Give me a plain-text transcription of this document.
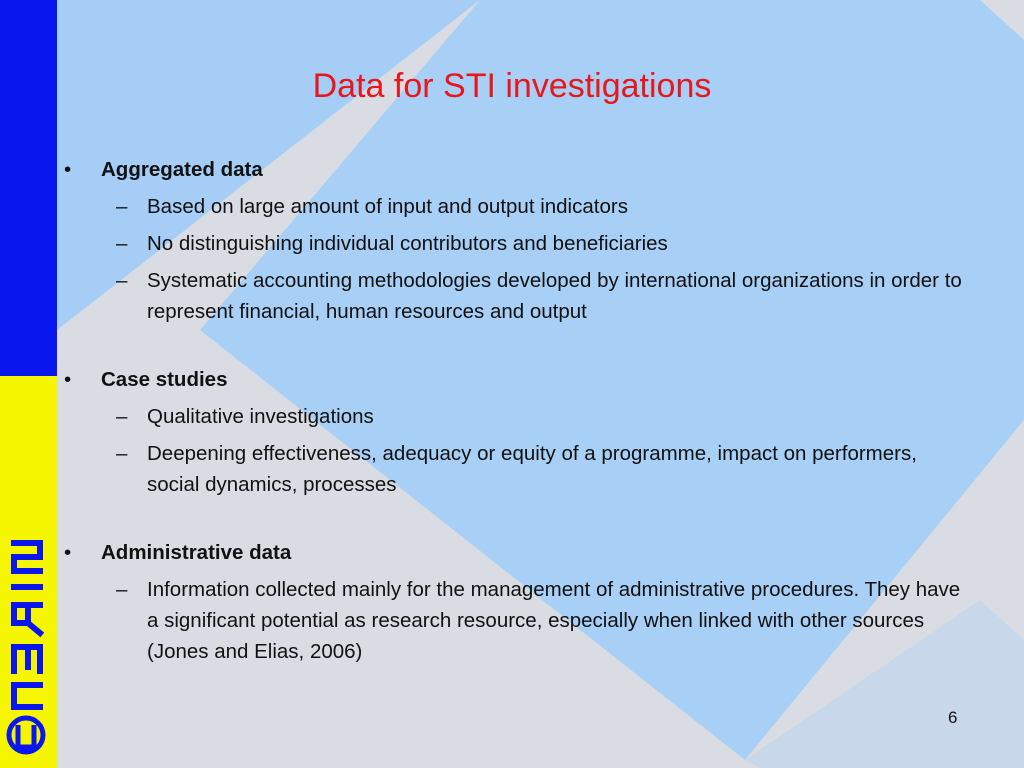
Data for STI investigations
• Aggregated data
– Based on large amount of input and output indicators
– No distinguishing individual contributors and beneficiaries
– Systematic accounting methodologies developed by international organizations in order to represent financial, human resources and output
• Case studies
– Qualitative investigations
– Deepening effectiveness, adequacy or equity of a programme, impact on performers, social dynamics, processes
• Administrative data
– Information collected mainly for the management of administrative procedures. They have a significant potential as research resource, especially when linked with other sources (Jones and Elias, 2006)
6
